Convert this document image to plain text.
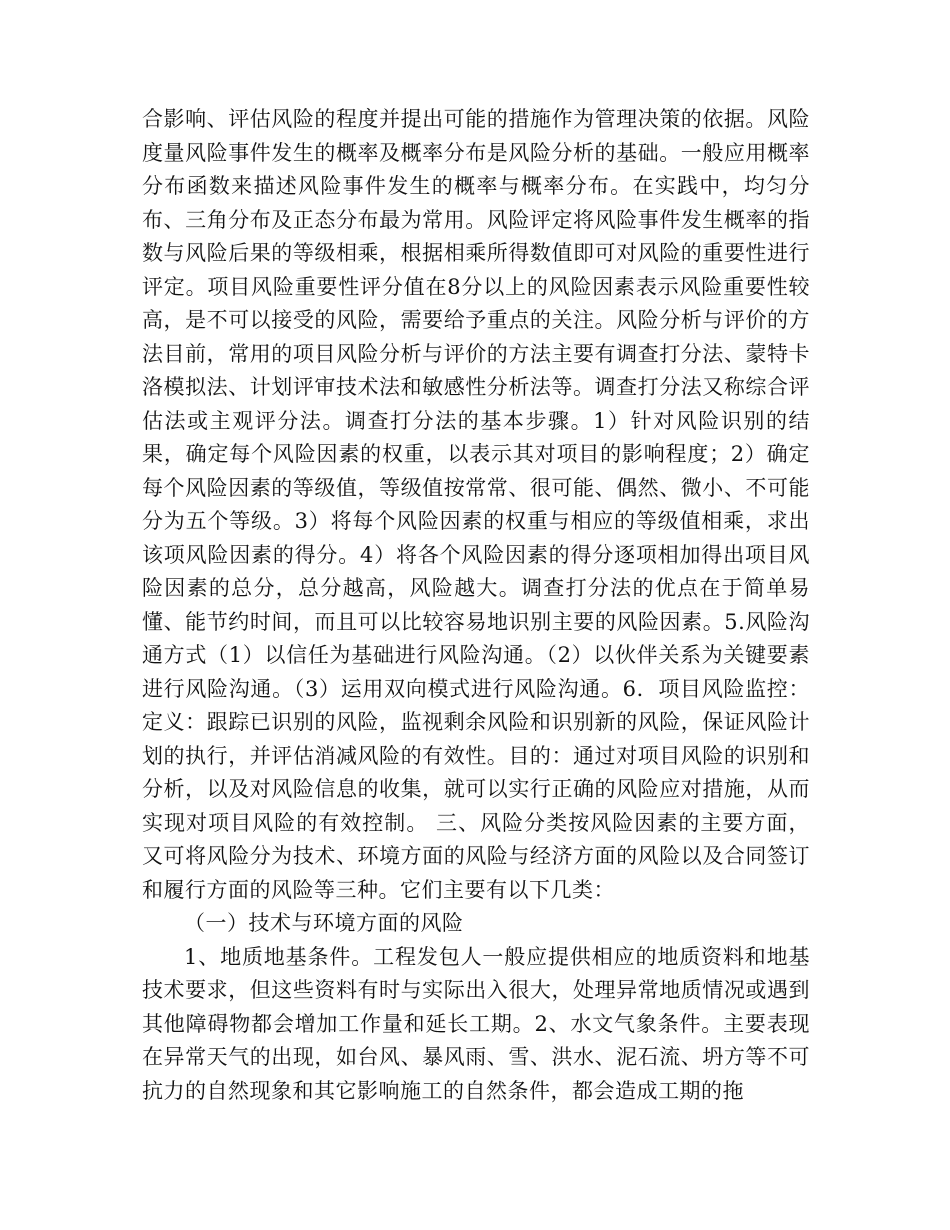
合影响、评估风险的程度并提出可能的措施作为管理决策的依据。风险度量风险事件发生的概率及概率分布是风险分析的基础。一般应用概率分布函数来描述风险事件发生的概率与概率分布。在实践中，均匀分布、三角分布及正态分布最为常用。风险评定将风险事件发生概率的指数与风险后果的等级相乘，根据相乘所得数值即可对风险的重要性进行评定。项目风险重要性评分值在8分以上的风险因素表示风险重要性较高，是不可以接受的风险，需要给予重点的关注。风险分析与评价的方法目前，常用的项目风险分析与评价的方法主要有调查打分法、蒙特卡洛模拟法、计划评审技术法和敏感性分析法等。调查打分法又称综合评估法或主观评分法。调查打分法的基本步骤。1）针对风险识别的结果，确定每个风险因素的权重，以表示其对项目的影响程度；2）确定每个风险因素的等级值，等级值按常常、很可能、偶然、微小、不可能分为五个等级。3）将每个风险因素的权重与相应的等级值相乘，求出该项风险因素的得分。4）将各个风险因素的得分逐项相加得出项目风险因素的总分，总分越高，风险越大。调查打分法的优点在于简单易懂、能节约时间，而且可以比较容易地识别主要的风险因素。5.风险沟通方式（1）以信任为基础进行风险沟通。（2）以伙伴关系为关键要素进行风险沟通。（3）运用双向模式进行风险沟通。6．项目风险监控：定义：跟踪已识别的风险，监视剩余风险和识别新的风险，保证风险计划的执行，并评估消减风险的有效性。目的：通过对项目风险的识别和分析，以及对风险信息的收集，就可以实行正确的风险应对措施，从而实现对项目风险的有效控制。 三、风险分类按风险因素的主要方面，又可将风险分为技术、环境方面的风险与经济方面的风险以及合同签订和履行方面的风险等三种。它们主要有以下几类：

（一）技术与环境方面的风险

1、地质地基条件。工程发包人一般应提供相应的地质资料和地基技术要求，但这些资料有时与实际出入很大，处理异常地质情况或遇到其他障碍物都会增加工作量和延长工期。2、水文气象条件。主要表现在异常天气的出现，如台风、暴风雨、雪、洪水、泥石流、坍方等不可抗力的自然现象和其它影响施工的自然条件，都会造成工期的拖
